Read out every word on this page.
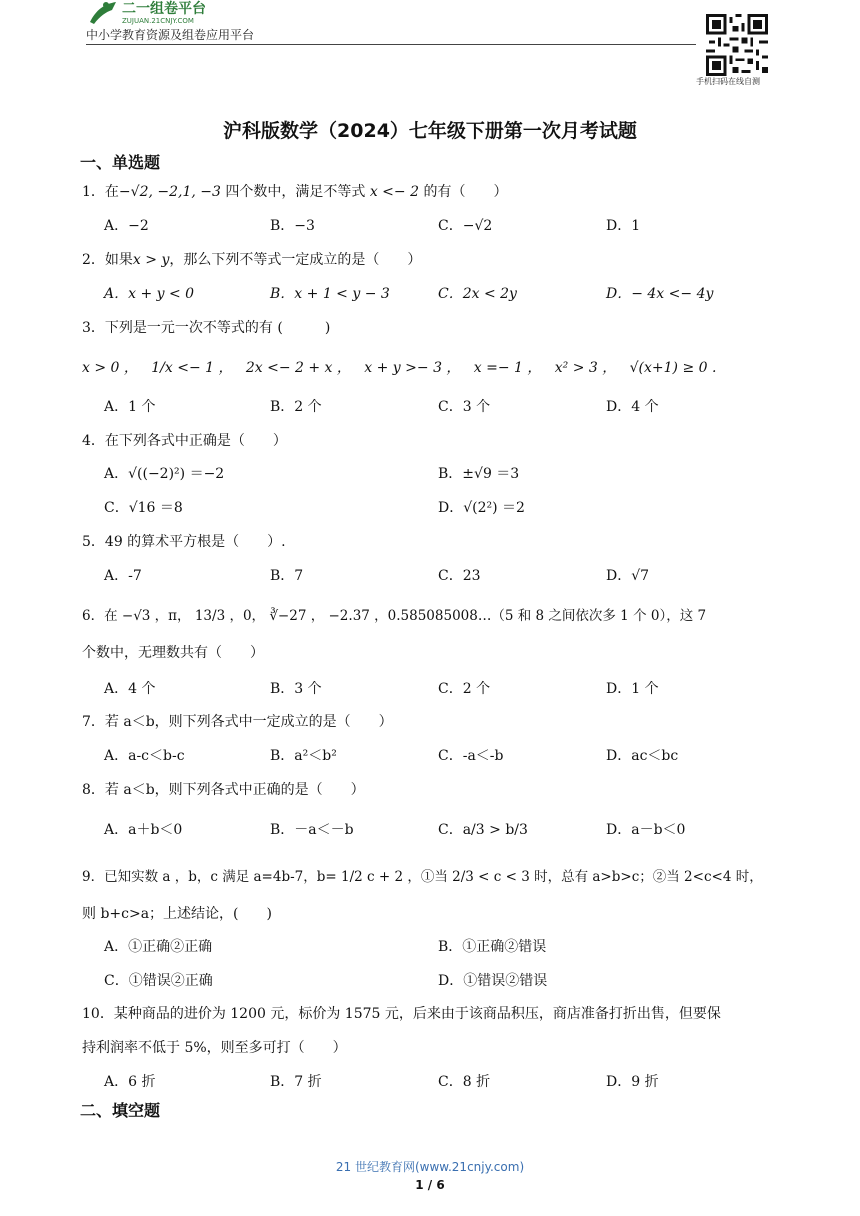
二一组卷平台
ZUJUAN.21CNJY.COM
中小学教育资源及组卷应用平台
手机扫码在线自测
沪科版数学（2024）七年级下册第一次月考试题
一、单选题
1．在−√2, −2,1, −3 四个数中，满足不等式 x <− 2 的有（　　）
A．−2	B．−3	C．−√2	D．1
2．如果x > y，那么下列不等式一定成立的是（　　）
A．x + y < 0	B．x + 1 < y − 3	C．2x < 2y	D．− 4x <− 4y
3．下列是一元一次不等式的有 (　　　)
x > 0 ， 1/x <− 1 ， 2x <− 2 + x ， x + y >− 3 ， x =− 1 ， x² > 3 ， √(x+1) ≥ 0 .
A．1 个	B．2 个	C．3 个	D．4 个
4．在下列各式中正确是（　　）
A．√((−2)²) ＝−2	B．±√9 ＝3
C．√16 ＝8	D．√(2²) ＝2
5．49 的算术平方根是（　　）.
A．-7	B．7	C．23	D．√7
6．在 −√3 ，π， 13/3 ，0， ∛−27 ， −2.37 ，0.585085008…（5 和 8 之间依次多 1 个 0），这 7
个数中，无理数共有（　　）
A．4 个	B．3 个	C．2 个	D．1 个
7．若 a＜b，则下列各式中一定成立的是（　　）
A．a-c＜b-c	B．a²＜b²	C．-a＜-b	D．ac＜bc
8．若 a＜b，则下列各式中正确的是（　　）
A．a＋b＜0	B．－a＜－b	C．a/3 > b/3	D．a－b＜0
9．已知实数 a ，b，c 满足 a=4b-7，b= 1/2 c + 2 ，①当 2/3 < c < 3 时，总有 a>b>c；②当 2<c<4 时，
则 b+c>a；上述结论，(　　)
A．①正确②正确	B．①正确②错误
C．①错误②正确	D．①错误②错误
10．某种商品的进价为 1200 元，标价为 1575 元，后来由于该商品积压，商店准备打折出售，但要保
持利润率不低于 5%，则至多可打（　　）
A．6 折	B．7 折	C．8 折	D．9 折
二、填空题
21 世纪教育网(www.21cnjy.com)
1 / 6
